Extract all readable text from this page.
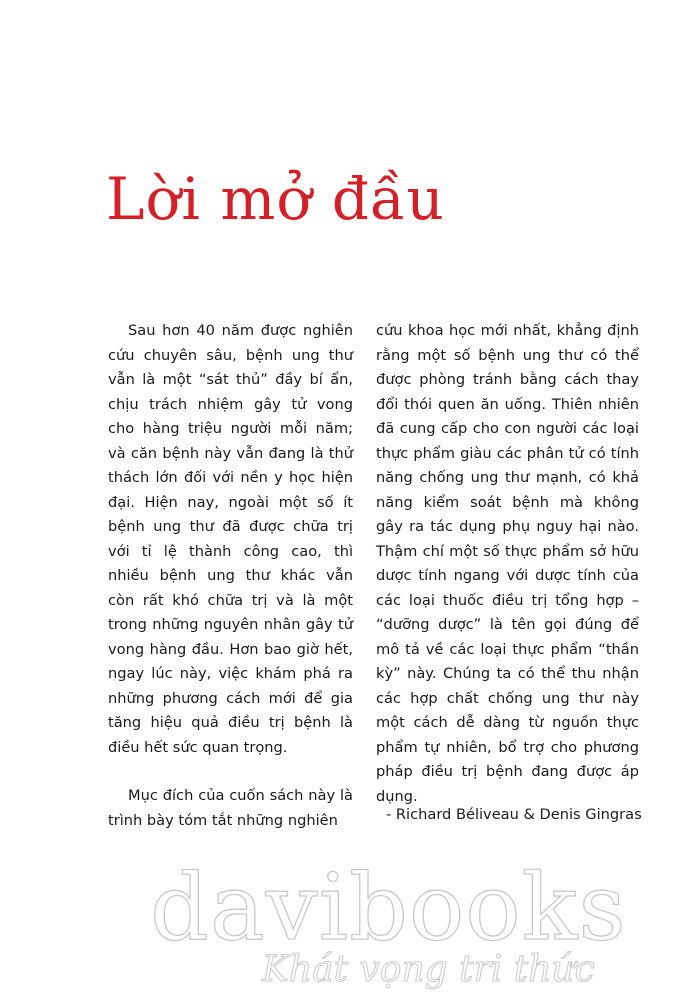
Lời mở đầu

Sau hơn 40 năm được nghiên cứu chuyên sâu, bệnh ung thư vẫn là một “sát thủ” đầy bí ẩn, chịu trách nhiệm gây tử vong cho hàng triệu người mỗi năm; và căn bệnh này vẫn đang là thử thách lớn đối với nền y học hiện đại. Hiện nay, ngoài một số ít bệnh ung thư đã được chữa trị với tỉ lệ thành công cao, thì nhiều bệnh ung thư khác vẫn còn rất khó chữa trị và là một trong những nguyên nhân gây tử vong hàng đầu. Hơn bao giờ hết, ngay lúc này, việc khám phá ra những phương cách mới để gia tăng hiệu quả điều trị bệnh là điều hết sức quan trọng.

Mục đích của cuốn sách này là trình bày tóm tắt những nghiên

cứu khoa học mới nhất, khẳng định rằng một số bệnh ung thư có thể được phòng tránh bằng cách thay đổi thói quen ăn uống. Thiên nhiên đã cung cấp cho con người các loại thực phẩm giàu các phân tử có tính năng chống ung thư mạnh, có khả năng kiểm soát bệnh mà không gây ra tác dụng phụ nguy hại nào. Thậm chí một số thực phẩm sở hữu dược tính ngang với dược tính của các loại thuốc điều trị tổng hợp – “dưỡng dược” là tên gọi đúng để mô tả về các loại thực phẩm “thần kỳ” này. Chúng ta có thể thu nhận các hợp chất chống ung thư này một cách dễ dàng từ nguồn thực phẩm tự nhiên, bổ trợ cho phương pháp điều trị bệnh đang được áp dụng.

- Richard Béliveau & Denis Gingras
davibooks
Khát vọng tri thức
